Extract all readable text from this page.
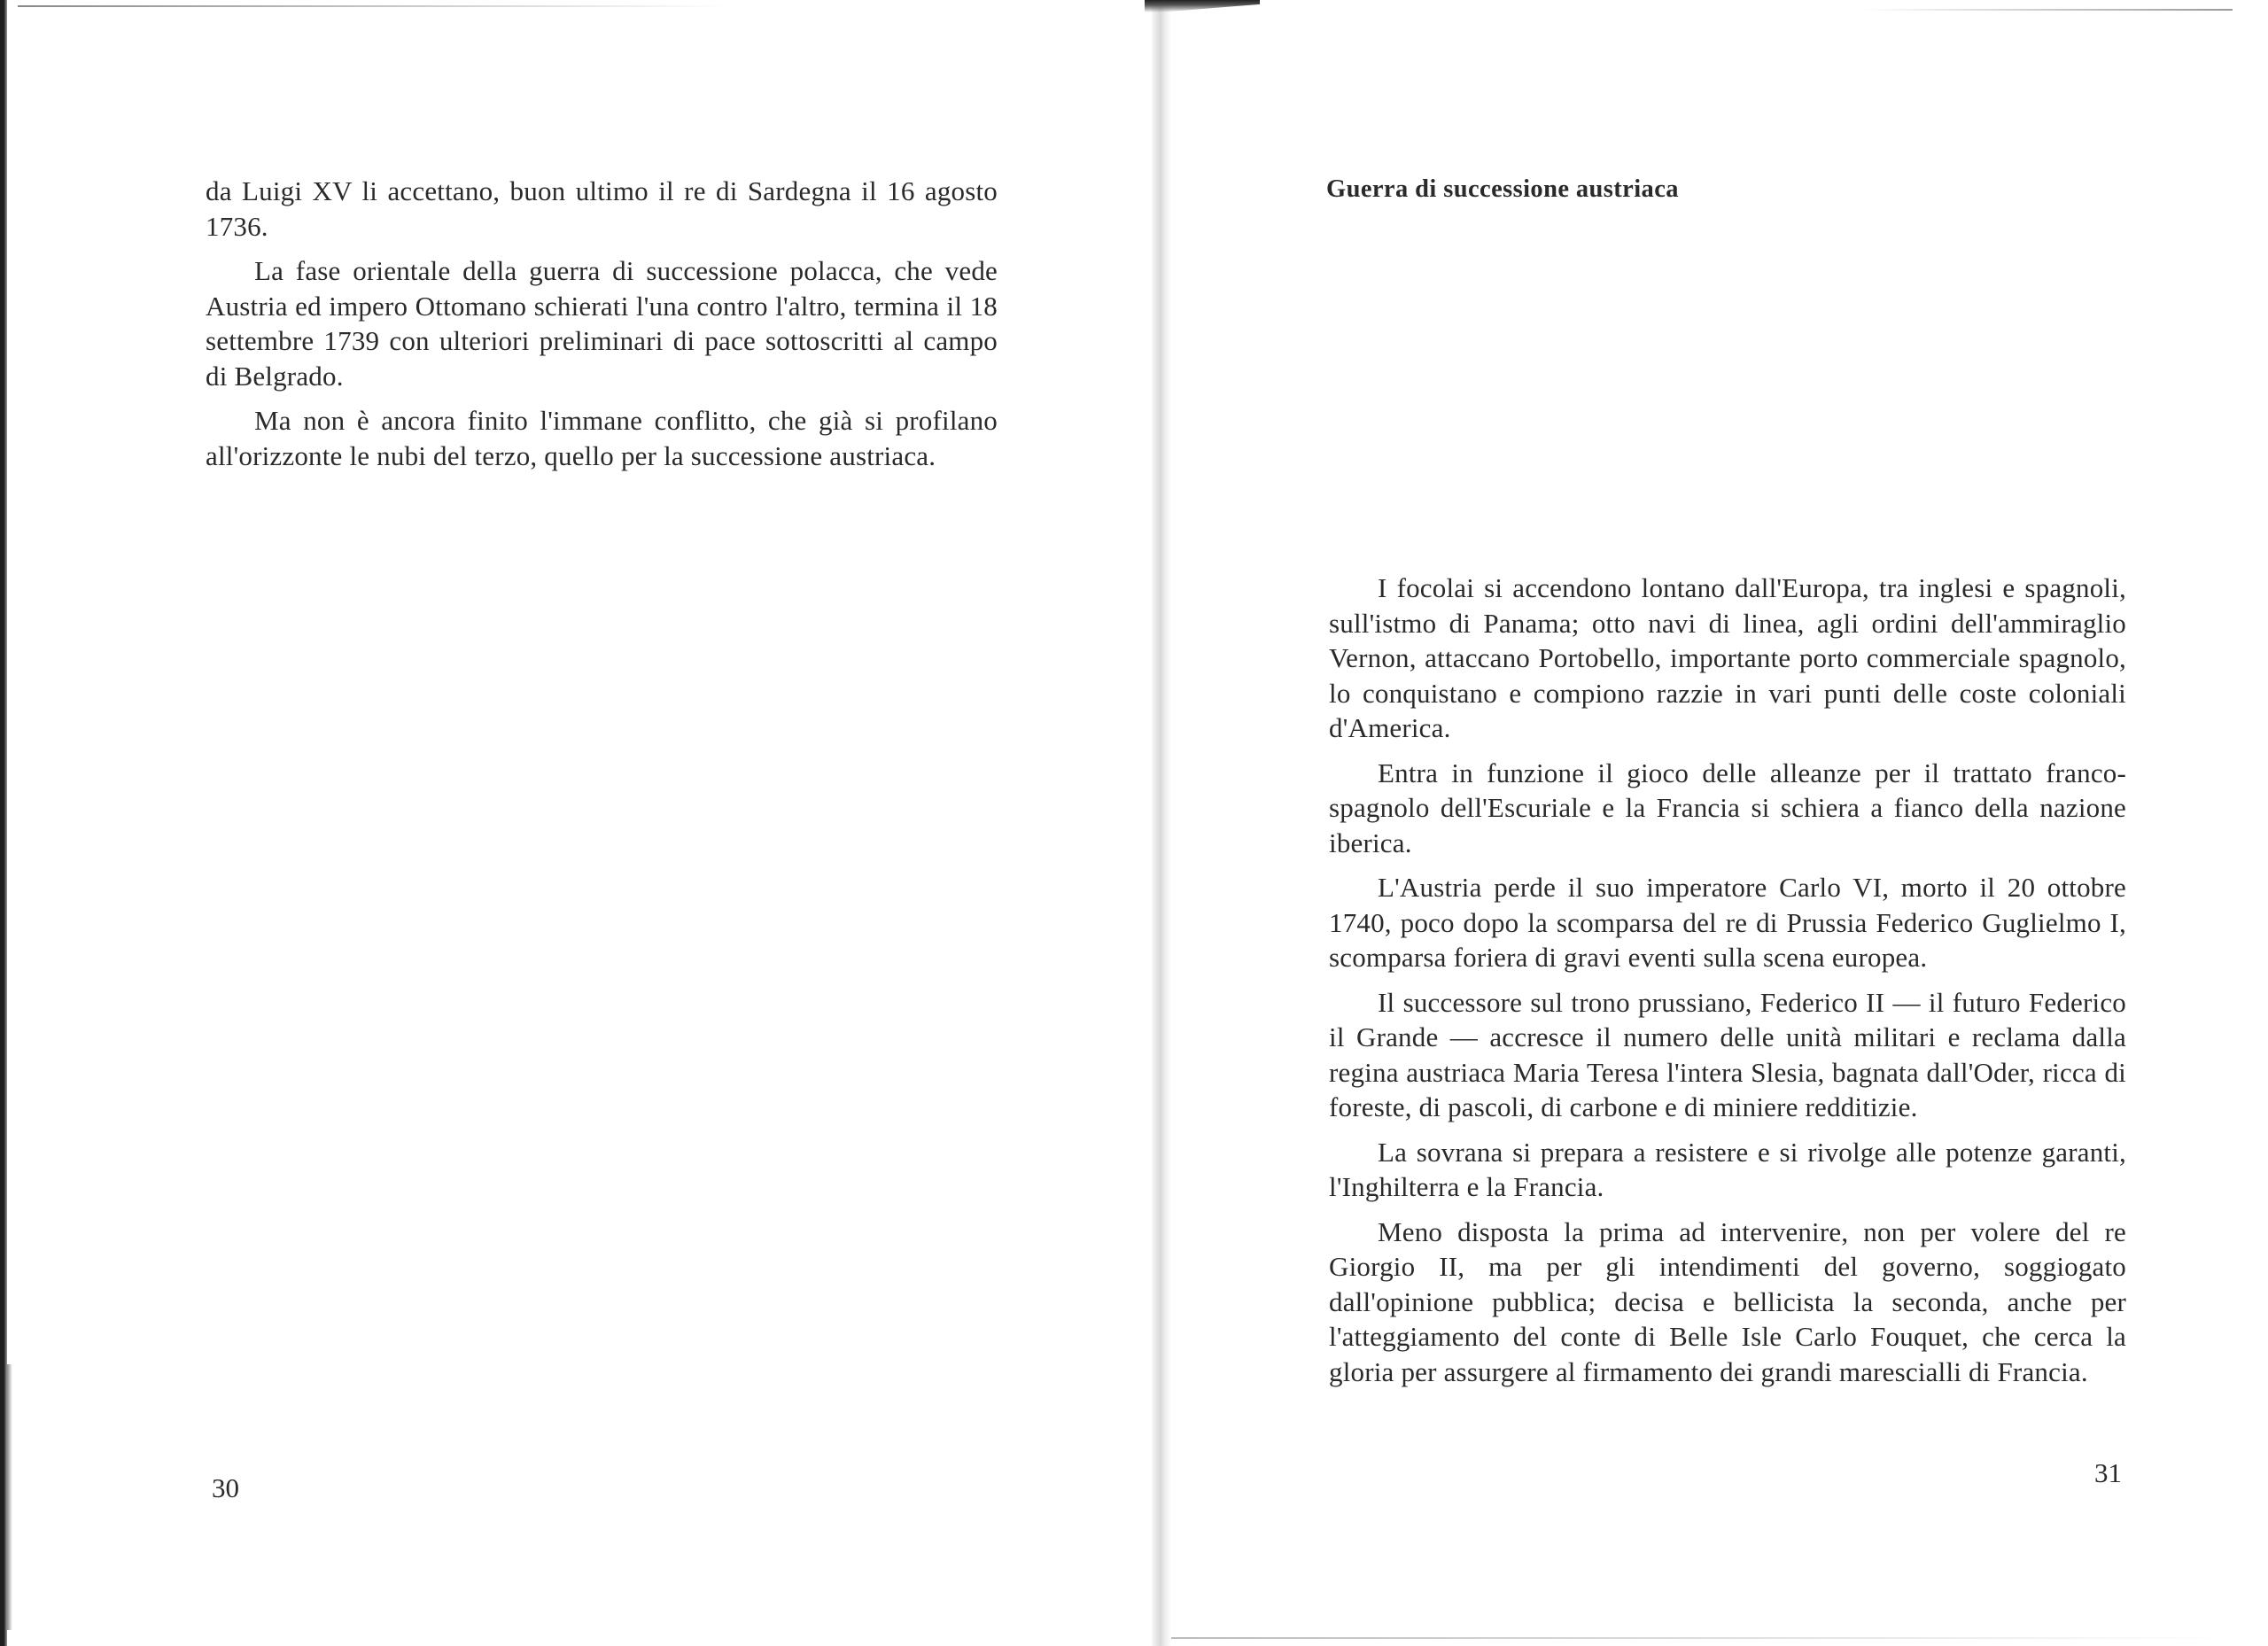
da Luigi XV li accettano, buon ultimo il re di Sardegna il 16 agosto 1736.

La fase orientale della guerra di successione polacca, che vede Austria ed impero Ottomano schierati l'una contro l'altro, termina il 18 settembre 1739 con ulteriori preliminari di pace sottoscritti al campo di Belgrado.

Ma non è ancora finito l'immane conflitto, che già si profilano all'orizzonte le nubi del terzo, quello per la successione austriaca.

30

Guerra di successione austriaca

I focolai si accendono lontano dall'Europa, tra inglesi e spagnoli, sull'istmo di Panama; otto navi di linea, agli ordini dell'ammiraglio Vernon, attaccano Portobello, importante porto commerciale spagnolo, lo conquistano e compiono razzie in vari punti delle coste coloniali d'America.

Entra in funzione il gioco delle alleanze per il trattato franco-spagnolo dell'Escuriale e la Francia si schiera a fianco della nazione iberica.

L'Austria perde il suo imperatore Carlo VI, morto il 20 ottobre 1740, poco dopo la scomparsa del re di Prussia Federico Guglielmo I, scomparsa foriera di gravi eventi sulla scena europea.

Il successore sul trono prussiano, Federico II — il futuro Federico il Grande — accresce il numero delle unità militari e reclama dalla regina austriaca Maria Teresa l'intera Slesia, bagnata dall'Oder, ricca di foreste, di pascoli, di carbone e di miniere redditizie.

La sovrana si prepara a resistere e si rivolge alle potenze garanti, l'Inghilterra e la Francia.

Meno disposta la prima ad intervenire, non per volere del re Giorgio II, ma per gli intendimenti del governo, soggiogato dall'opinione pubblica; decisa e bellicista la seconda, anche per l'atteggiamento del conte di Belle Isle Carlo Fouquet, che cerca la gloria per assurgere al firmamento dei grandi marescialli di Francia.

31
